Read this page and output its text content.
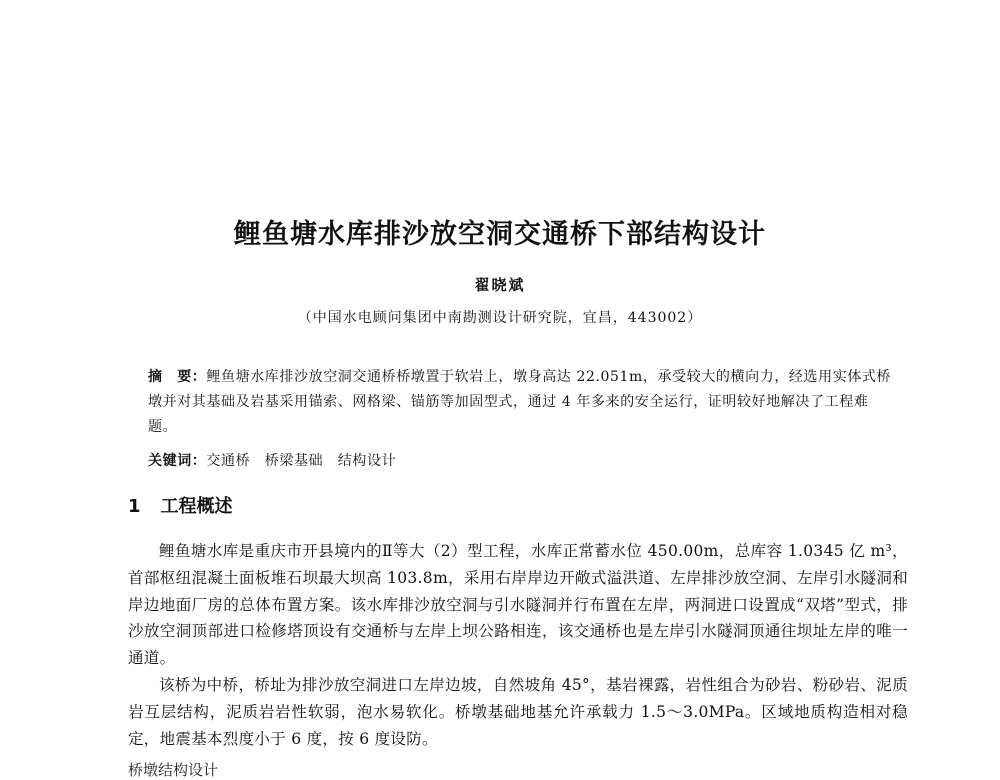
鲤鱼塘水库排沙放空洞交通桥下部结构设计
翟晓斌
（中国水电顾问集团中南勘测设计研究院，宜昌，443002）
摘　要：鲤鱼塘水库排沙放空洞交通桥桥墩置于软岩上，墩身高达 22.051m，承受较大的横向力，经选用实体式桥墩并对其基础及岩基采用锚索、网格梁、锚筋等加固型式，通过 4 年多来的安全运行，证明较好地解决了工程难题。
关键词：交通桥　桥梁基础　结构设计
1 工程概述

鲤鱼塘水库是重庆市开县境内的Ⅱ等大（2）型工程，水库正常蓄水位 450.00m，总库容 1.0345 亿 m³，首部枢纽混凝土面板堆石坝最大坝高 103.8m，采用右岸岸边开敞式溢洪道、左岸排沙放空洞、左岸引水隧洞和岸边地面厂房的总体布置方案。该水库排沙放空洞与引水隧洞并行布置在左岸，两洞进口设置成“双塔”型式，排沙放空洞顶部进口检修塔顶设有交通桥与左岸上坝公路相连，该交通桥也是左岸引水隧洞顶通往坝址左岸的唯一通道。

该桥为中桥，桥址为排沙放空洞进口左岸边坡，自然坡角 45°，基岩裸露，岩性组合为砂岩、粉砂岩、泥质岩互层结构，泥质岩岩性软弱，泡水易软化。桥墩基础地基允许承载力 1.5～3.0MPa。区域地质构造相对稳定，地震基本烈度小于 6 度，按 6 度设防。

桥墩结构设计
